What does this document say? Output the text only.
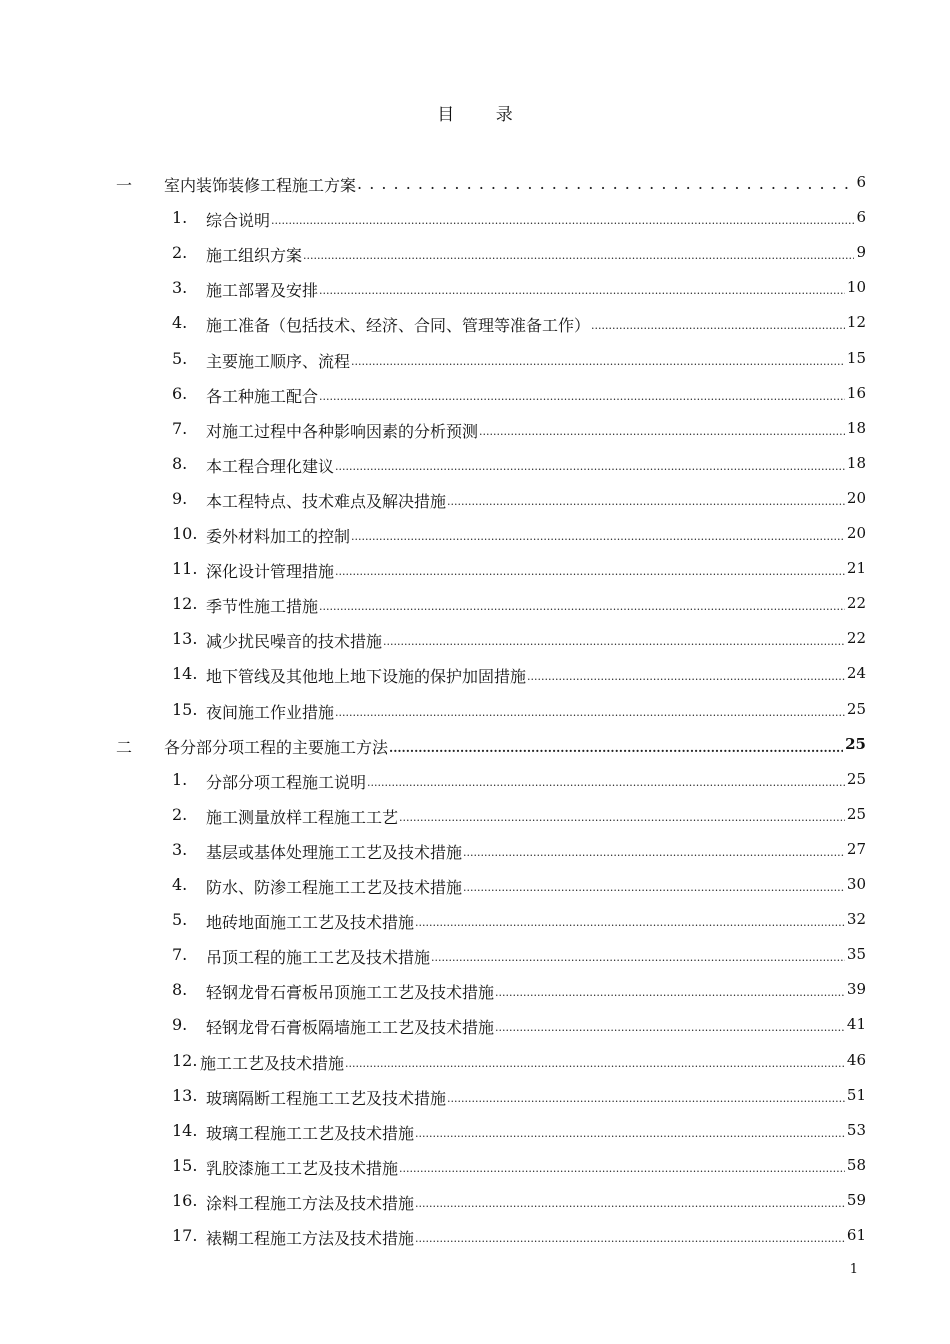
目 录
一 室内装饰装修工程施工方案 . . .	6
1. 综合说明 .....	6
2. 施工组织方案 .....	9
3. 施工部署及安排 .....	10
4. 施工准备（包括技术、经济、合同、管理等准备工作） .....	12
5. 主要施工顺序、流程 .....	15
6. 各工种施工配合 .....	16
7. 对施工过程中各种影响因素的分析预测 .....	18
8. 本工程合理化建议 .....	18
9. 本工程特点、技术难点及解决措施 .....	20
10. 委外材料加工的控制 .....	20
11. 深化设计管理措施 .....	21
12. 季节性施工措施 .....	22
13. 减少扰民噪音的技术措施 .....	22
14. 地下管线及其他地上地下设施的保护加固措施 .....	24
15. 夜间施工作业措施 .....	25
二 各分部分项工程的主要施工方法 .....	25
1. 分部分项工程施工说明 .....	25
2. 施工测量放样工程施工工艺 .....	25
3. 基层或基体处理施工工艺及技术措施 .....	27
4. 防水、防渗工程施工工艺及技术措施 .....	30
5. 地砖地面施工工艺及技术措施 .....	32
7. 吊顶工程的施工工艺及技术措施 .....	35
8. 轻钢龙骨石膏板吊顶施工工艺及技术措施 .....	39
9. 轻钢龙骨石膏板隔墙施工工艺及技术措施 .....	41
12. 施工工艺及技术措施 .....	46
13. 玻璃隔断工程施工工艺及技术措施 .....	51
14. 玻璃工程施工工艺及技术措施 .....	53
15. 乳胶漆施工工艺及技术措施 .....	58
16. 涂料工程施工方法及技术措施 .....	59
17. 裱糊工程施工方法及技术措施 .....	61
1
